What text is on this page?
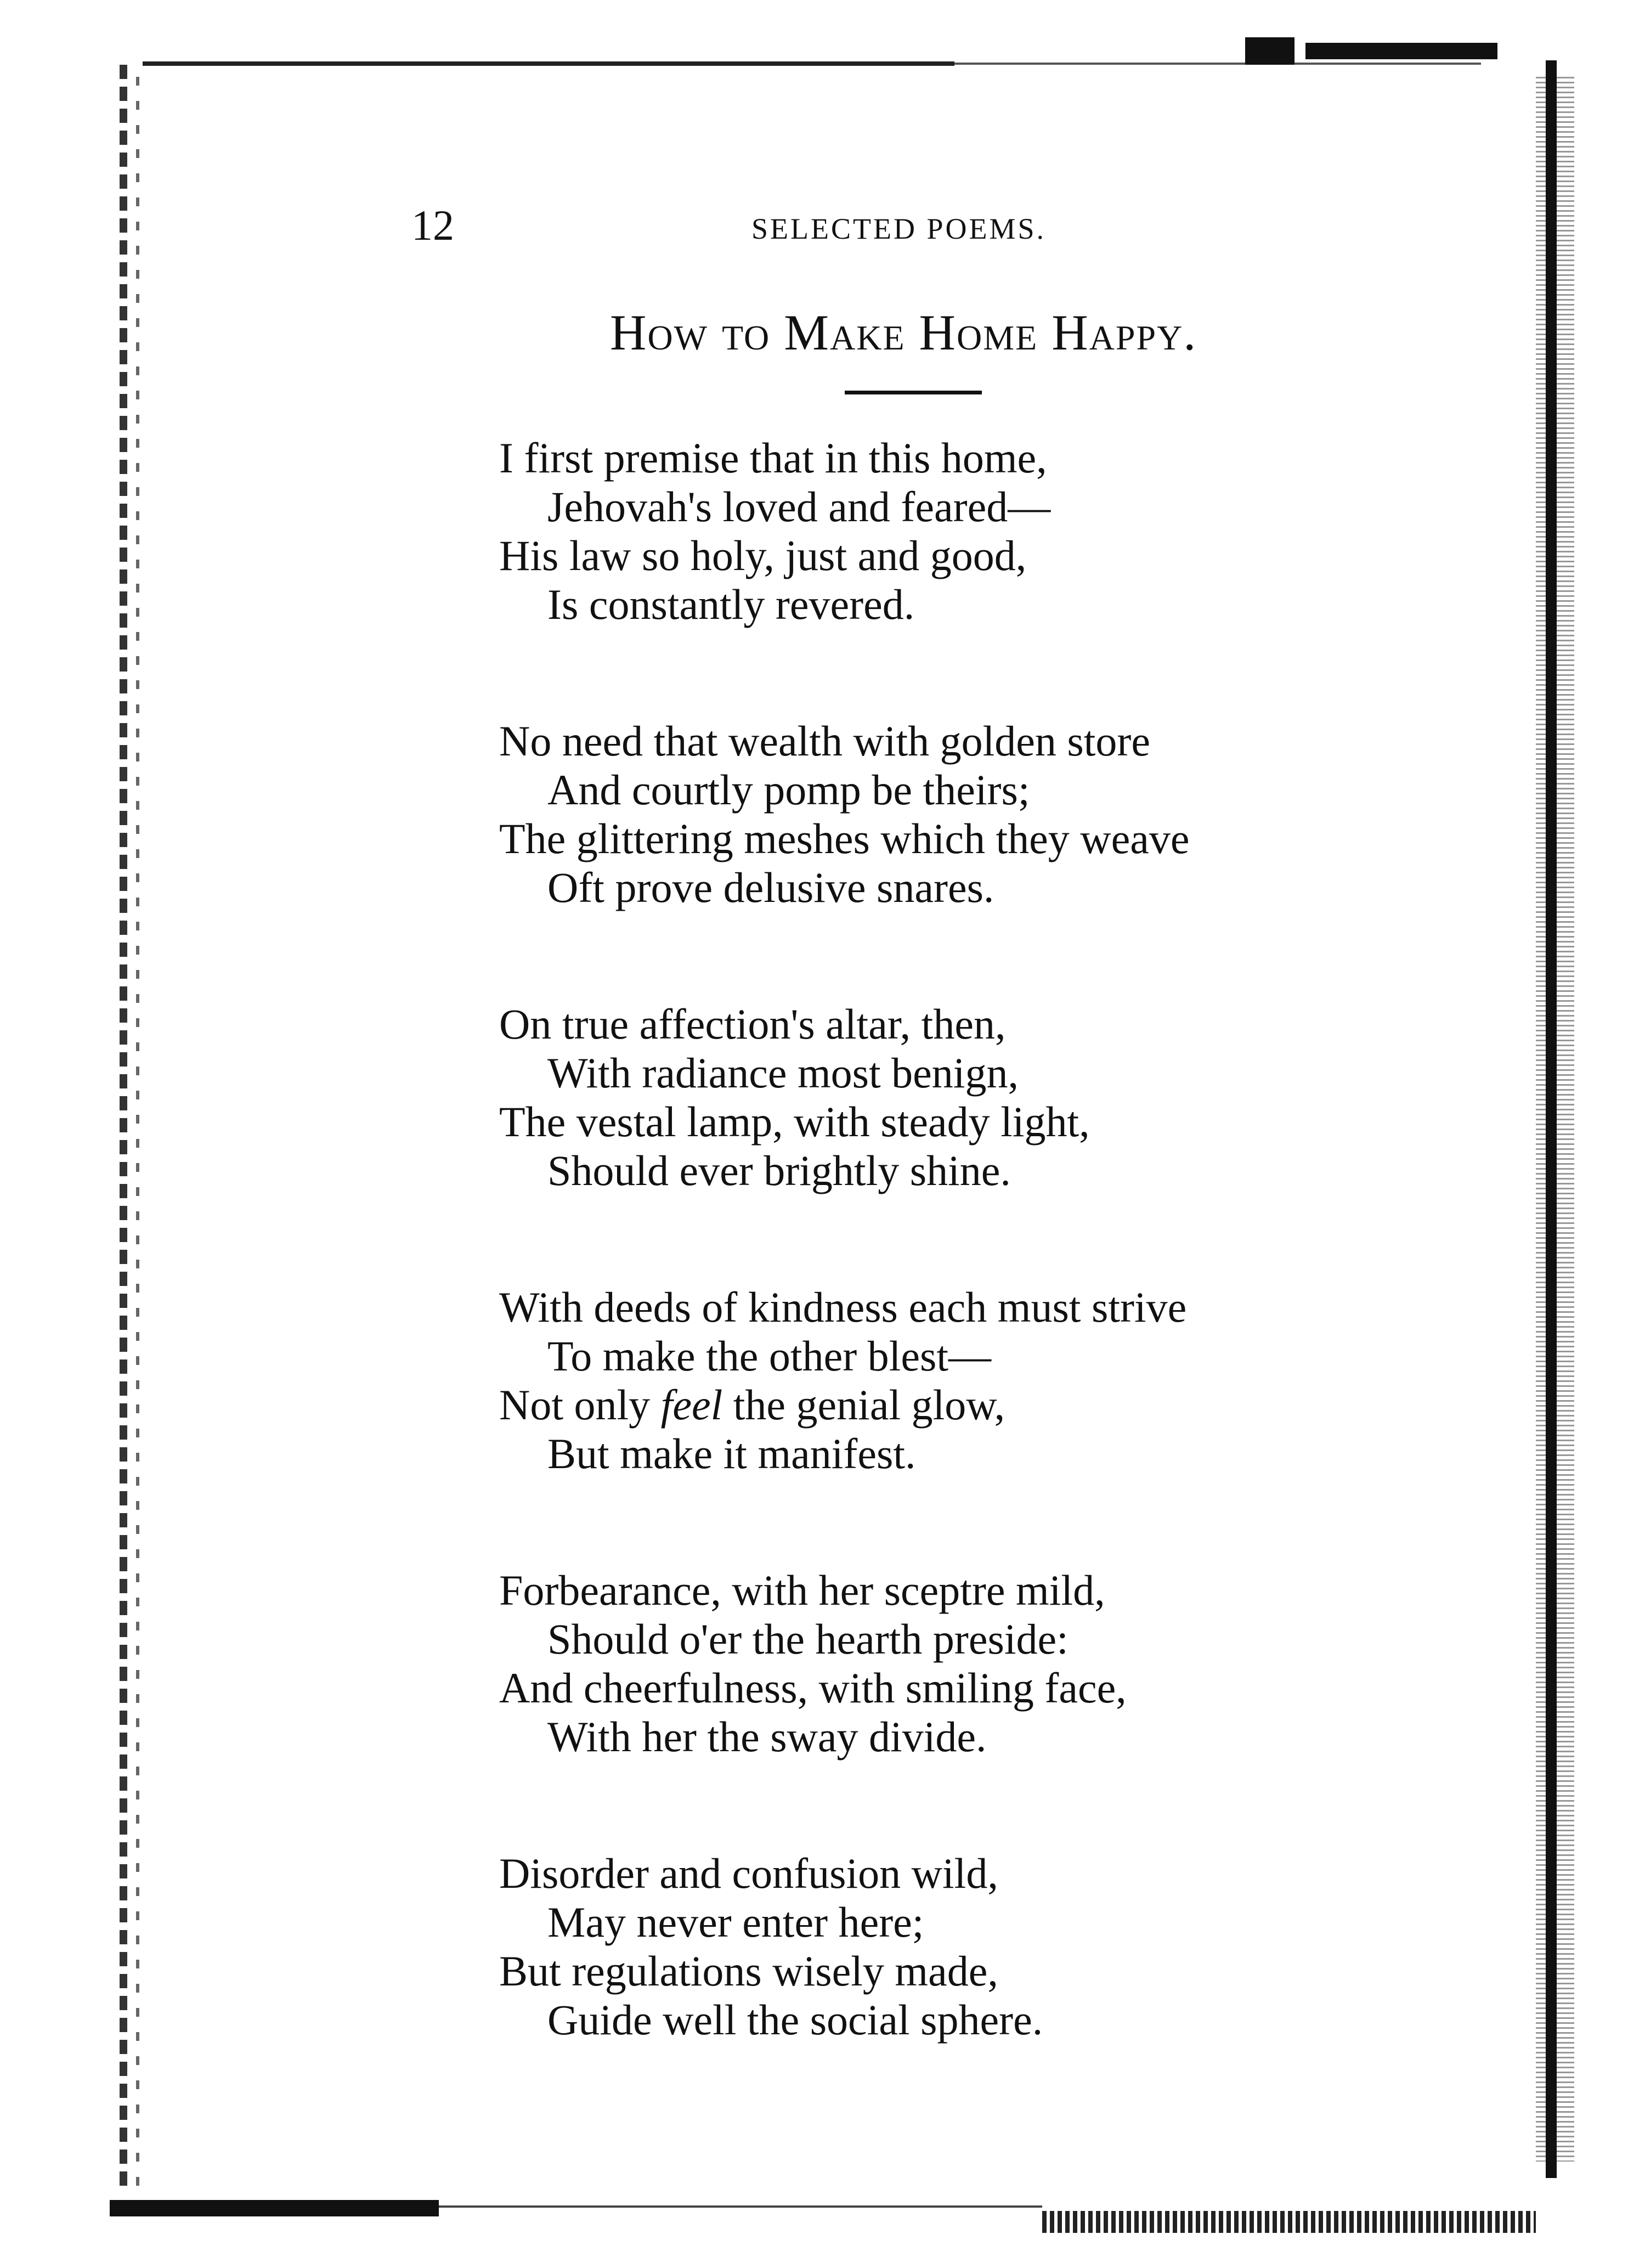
12	SELECTED POEMS.
How to Make Home Happy.

I first premise that in this home,

Jehovah's loved and feared—

His law so holy, just and good,

Is constantly revered.

No need that wealth with golden store

And courtly pomp be theirs;

The glittering meshes which they weave

Oft prove delusive snares.

On true affection's altar, then,

With radiance most benign,

The vestal lamp, with steady light,

Should ever brightly shine.

With deeds of kindness each must strive

To make the other blest—

Not only feel the genial glow,

But make it manifest.

Forbearance, with her sceptre mild,

Should o'er the hearth preside:

And cheerfulness, with smiling face,

With her the sway divide.

Disorder and confusion wild,

May never enter here;

But regulations wisely made,

Guide well the social sphere.
